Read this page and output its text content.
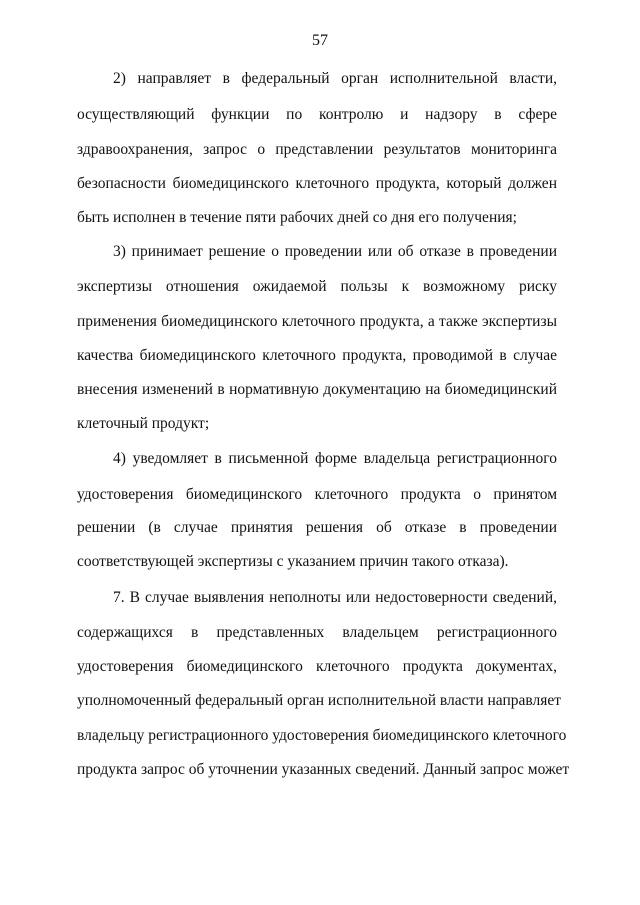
57
2) направляет в федеральный орган исполнительной власти,
осуществляющий функции по контролю и надзору в сфере
здравоохранения, запрос о представлении результатов мониторинга
безопасности биомедицинского клеточного продукта, который должен
быть исполнен в течение пяти рабочих дней со дня его получения;
3) принимает решение о проведении или об отказе в проведении
экспертизы отношения ожидаемой пользы к возможному риску
применения биомедицинского клеточного продукта, а также экспертизы
качества биомедицинского клеточного продукта, проводимой в случае
внесения изменений в нормативную документацию на биомедицинский
клеточный продукт;
4) уведомляет в письменной форме владельца регистрационного
удостоверения биомедицинского клеточного продукта о принятом
решении (в случае принятия решения об отказе в проведении
соответствующей экспертизы с указанием причин такого отказа).
7. В случае выявления неполноты или недостоверности сведений,
содержащихся в представленных владельцем регистрационного
удостоверения биомедицинского клеточного продукта документах,
уполномоченный федеральный орган исполнительной власти направляет
владельцу регистрационного удостоверения биомедицинского клеточного
продукта запрос об уточнении указанных сведений. Данный запрос может
